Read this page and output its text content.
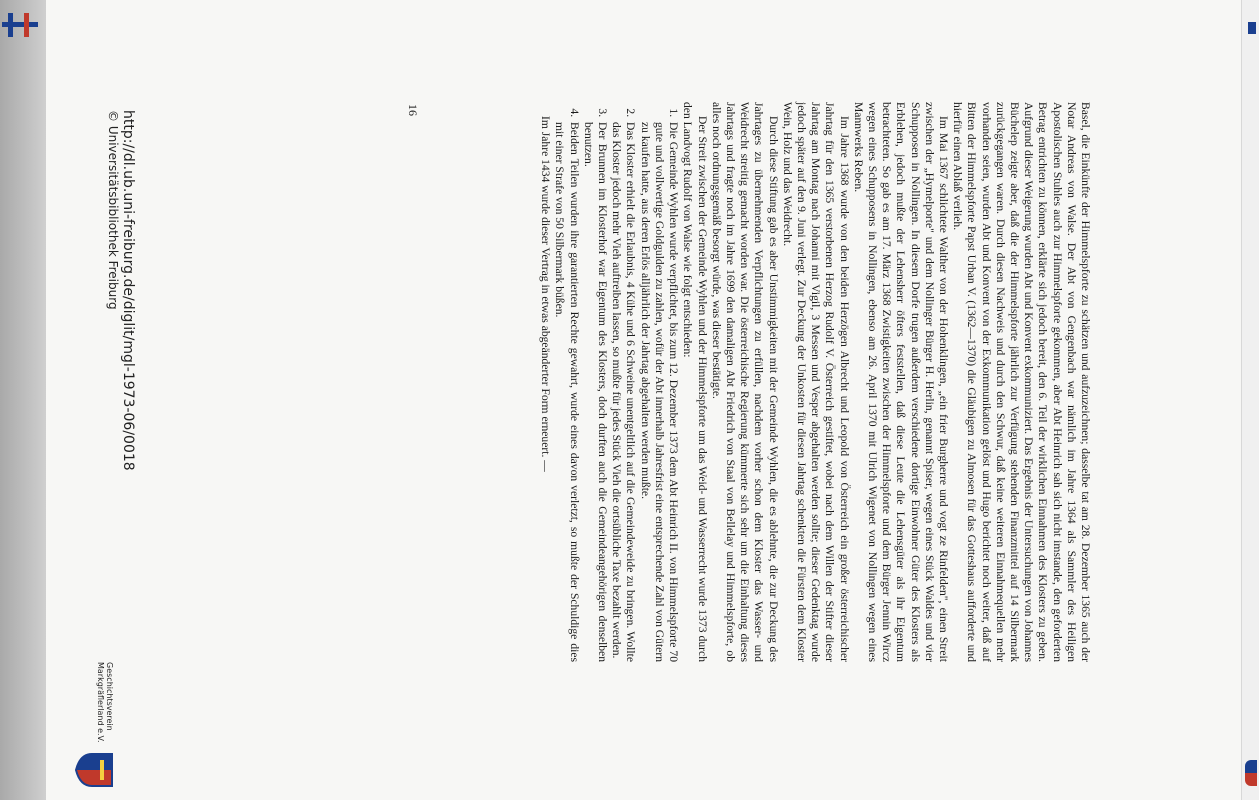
Basel, die Einkünfte der Himmelspforte zu schätzen und aufzuzeichnen; dasselbe tat am 28. Dezember 1365 auch der Notar Andreas von Walse. Der Abt von Gengenbach war nämlich im Jahre 1364 als Sammler des Heiligen Apostolischen Stuhles auch zur Himmelspforte gekommen, aber Abt Heinrich sah sich nicht imstande, den geforderten Betrag entrichten zu können, erklärte sich jedoch bereit, den 6. Teil der wirklichen Einnahmen des Klosters zu geben. Aufgrund dieser Weigerung wurden Abt und Konvent exkommuniziert. Das Ergebnis der Untersuchungen von Johannes Büchelер zeigte aber, daß die der Himmelspforte jährlich zur Verfügung stehenden Finanzmittel auf 14 Silbermark zurückgegangen waren. Durch diesen Nachweis und durch den Schwur, daß keine weiteren Einnahmequellen mehr vorhanden seien, wurden Abt und Konvent von der Exkommunikation gelöst und Hugo berichtet noch weiter, daß auf Bitten der Himmelspforte Papst Urban V. (1362—1370) die Gläubigen zu Almosen für das Gotteshaus aufforderte und hierfür einen Ablaß verlieh.

Im Mai 1367 schlichtete Walther von der Hohenklingen, „ein frier Burgherre und vogt ze Rinfelden", einen Streit zwischen der „Hymelporte" und dem Nollinger Bürger H. Herlin, genannt Spiser, wegen eines Stück Waldes und vier Schupposen in Nollingen. In diesem Dorfe trugen außerdem verschiedene dortige Einwohner Güter des Klosters als Erblehen, jedoch mußte der Lehensherr öfters feststellen, daß diese Leute die Lehensgüter als ihr Eigentum betrachteten. So gab es am 17. März 1368 Zwistigkeiten zwischen der Himmelspforte und dem Bürger Jennin Wircz wegen eines Schupposens in Nollingen, ebenso am 26. April 1370 mit Ulrich Wigenet von Nollingen wegen eines Mannwerks Reben.

Im Jahre 1368 wurde von den beiden Herzögen Albrecht und Leopold von Österreich ein großer österreichischer Jahrtag für den 1365 verstorbenen Herzog Rudolf V. Österreich gestiftet, wobei nach dem Willen der Stifter dieser Jahrtag am Montag nach Johanni mit Vigil, 3 Messen und Vesper abgehalten werden sollte; dieser Gedenktag wurde jedoch später auf den 9. Juni verlegt. Zur Deckung der Unkosten für diesen Jahrtag schenkten die Fürsten dem Kloster Wein, Holz und das Weidrecht.

Durch diese Stiftung gab es aber Unstimmigkeiten mit der Gemeinde Wyhlen, die es ablehnte, die zur Deckung des Jahrtages zu übernehmenden Verpflichtungen zu erfüllen, nachdem vorher schon dem Kloster das Wasser- und Weidrecht streitig gemacht worden war. Die österreichische Regierung kümmerte sich sehr um die Einhaltung dieses Jahrtags und fragte noch im Jahre 1699 den damaligen Abt Friedrich von Staal von Bellelay und Himmelspforte, ob alles noch ordnungsgemäß besorgt würde, was dieser bestätigte.

Der Streit zwischen der Gemeinde Wyhlen und der Himmelspforte um das Weid- und Wasserrecht wurde 1373 durch den Landvogt Rudolf von Walse wie folgt entschieden:

1. Die Gemeinde Wyhlen wurde verpflichtet, bis zum 12. Dezember 1373 dem Abt Heinrich II. von Himmelspforte 70 gute und vollwertige Goldgulden zu zahlen, wofür der Abt innerhalb Jahresfrist eine entsprechende Zahl von Gütern zu kaufen hatte, aus deren Erlös alljährlich der Jahrtag abgehalten werden mußte.
2. Das Kloster erhielt die Erlaubnis, 4 Kühe und 6 Schweine unentgeltlich auf die Gemeindeweide zu bringen. Wollte das Kloster jedoch mehr Vieh auftreiben lassen, so mußte für jedes Stück Vieh die ortsübliche Taxe bezahlt werden.
3. Der Brunnen im Klosterhof war Eigentum des Klosters, doch durften auch die Gemeindeangehörigen denselben benutzen.
4. Beiden Teilen wurden ihre garantierten Rechte gewahrt, wurde eines davon verletzt, so mußte der Schuldige dies mit einer Strafe von 50 Silbermark büßen.

Im Jahre 1434 wurde dieser Vertrag in etwas abgeänderter Form erneuert. —

16
http://dl.ub.uni-freiburg.de/diglit/mgl-1973-06/0018
© Universitätsbibliothek Freiburg
Geschichtsverein
Markgräflerland e.V.
